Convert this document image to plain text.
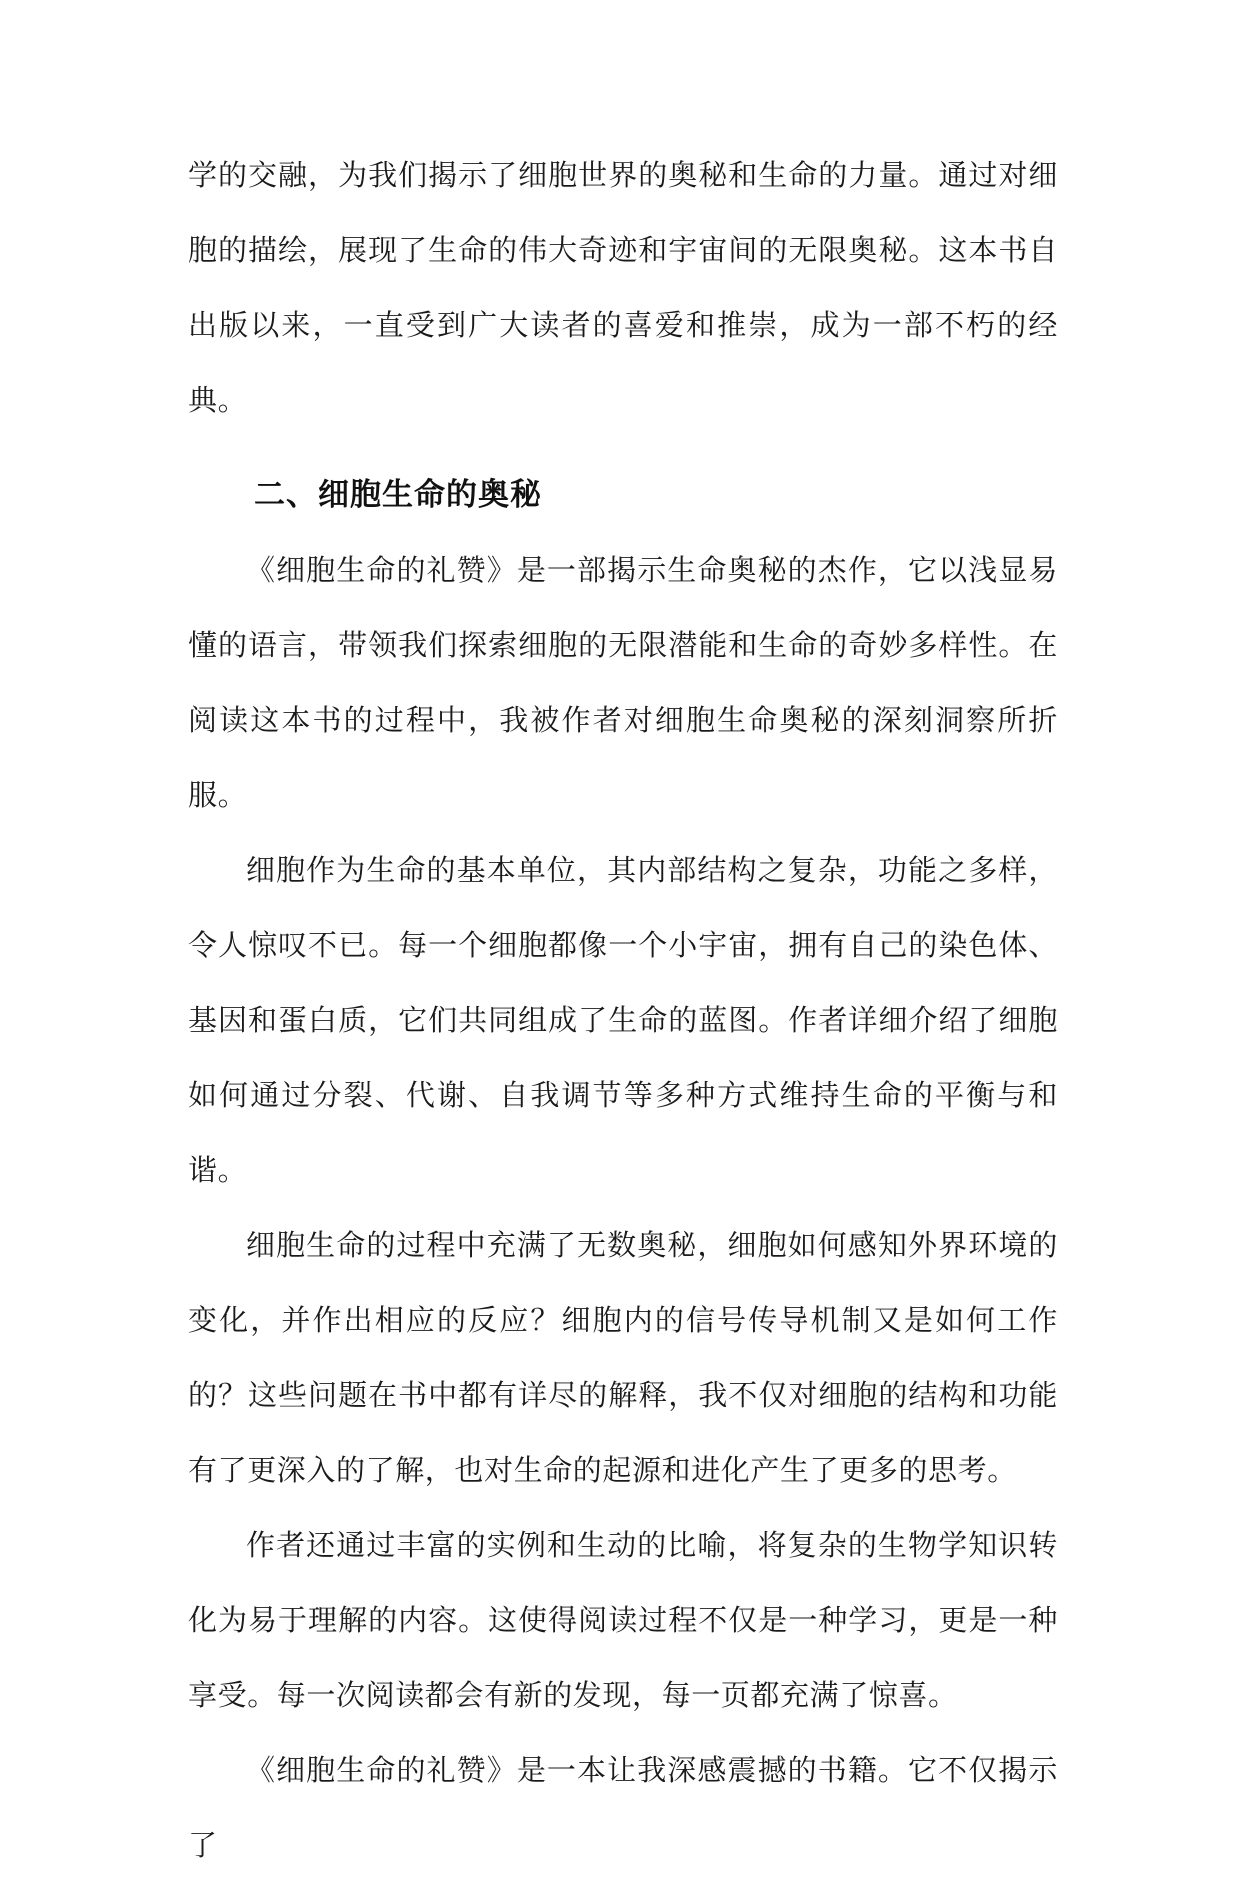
学的交融，为我们揭示了细胞世界的奥秘和生命的力量。通过对细胞的描绘，展现了生命的伟大奇迹和宇宙间的无限奥秘。这本书自出版以来，一直受到广大读者的喜爱和推崇，成为一部不朽的经典。

二、细胞生命的奥秘

《细胞生命的礼赞》是一部揭示生命奥秘的杰作，它以浅显易懂的语言，带领我们探索细胞的无限潜能和生命的奇妙多样性。在阅读这本书的过程中，我被作者对细胞生命奥秘的深刻洞察所折服。

细胞作为生命的基本单位，其内部结构之复杂，功能之多样，令人惊叹不已。每一个细胞都像一个小宇宙，拥有自己的染色体、基因和蛋白质，它们共同组成了生命的蓝图。作者详细介绍了细胞如何通过分裂、代谢、自我调节等多种方式维持生命的平衡与和谐。

细胞生命的过程中充满了无数奥秘，细胞如何感知外界环境的变化，并作出相应的反应？细胞内的信号传导机制又是如何工作的？这些问题在书中都有详尽的解释，我不仅对细胞的结构和功能有了更深入的了解，也对生命的起源和进化产生了更多的思考。

作者还通过丰富的实例和生动的比喻，将复杂的生物学知识转化为易于理解的内容。这使得阅读过程不仅是一种学习，更是一种享受。每一次阅读都会有新的发现，每一页都充满了惊喜。

《细胞生命的礼赞》是一本让我深感震撼的书籍。它不仅揭示了
